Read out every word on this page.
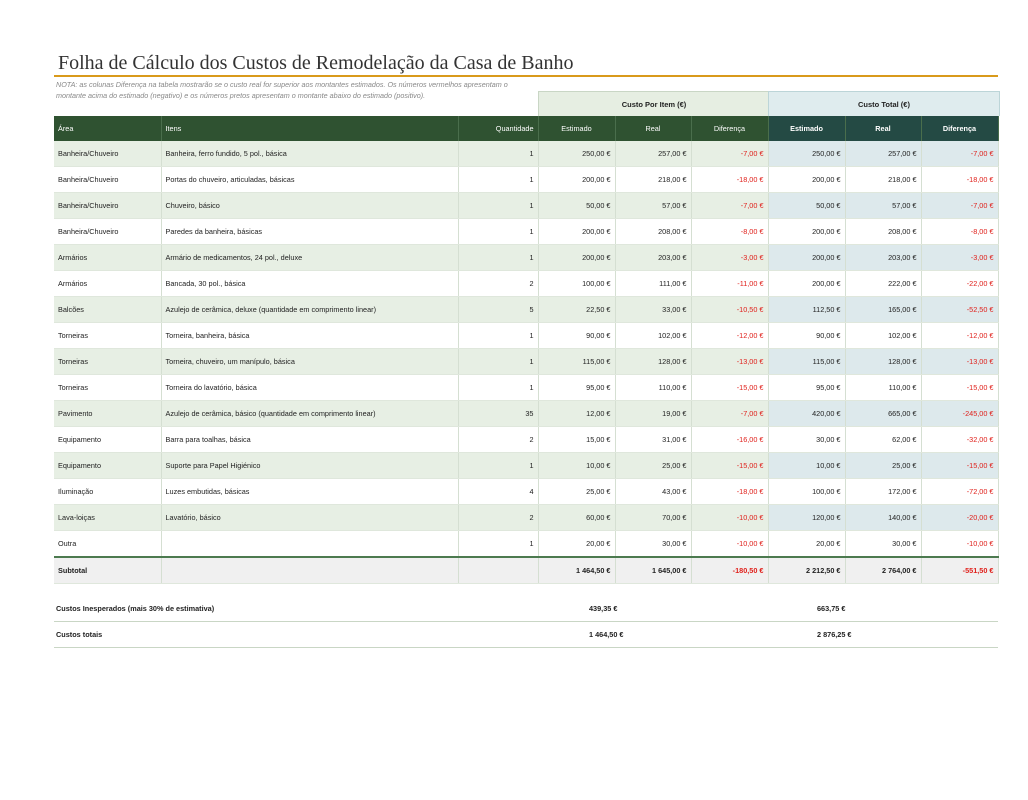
Folha de Cálculo dos Custos de Remodelação da Casa de Banho
NOTA: as colunas Diferença na tabela mostrarão se o custo real for superior aos montantes estimados. Os números vermelhos apresentam o montante acima do estimado (negativo) e os números pretos apresentam o montante abaixo do estimado (positivo).
Custo Por Item (€)	Custo Total (€)
Área	Itens	Quantidade	Estimado	Real	Diferença	Estimado	Real	Diferença
Banheira/Chuveiro	Banheira, ferro fundido, 5 pol., básica	1	250,00 €	257,00 €	-7,00 €	250,00 €	257,00 €	-7,00 €
Banheira/Chuveiro	Portas do chuveiro, articuladas, básicas	1	200,00 €	218,00 €	-18,00 €	200,00 €	218,00 €	-18,00 €
Banheira/Chuveiro	Chuveiro, básico	1	50,00 €	57,00 €	-7,00 €	50,00 €	57,00 €	-7,00 €
Banheira/Chuveiro	Paredes da banheira, básicas	1	200,00 €	208,00 €	-8,00 €	200,00 €	208,00 €	-8,00 €
Armários	Armário de medicamentos, 24 pol., deluxe	1	200,00 €	203,00 €	-3,00 €	200,00 €	203,00 €	-3,00 €
Armários	Bancada, 30 pol., básica	2	100,00 €	111,00 €	-11,00 €	200,00 €	222,00 €	-22,00 €
Balcões	Azulejo de cerâmica, deluxe (quantidade em comprimento linear)	5	22,50 €	33,00 €	-10,50 €	112,50 €	165,00 €	-52,50 €
Torneiras	Torneira, banheira, básica	1	90,00 €	102,00 €	-12,00 €	90,00 €	102,00 €	-12,00 €
Torneiras	Torneira, chuveiro, um manípulo, básica	1	115,00 €	128,00 €	-13,00 €	115,00 €	128,00 €	-13,00 €
Torneiras	Torneira do lavatório, básica	1	95,00 €	110,00 €	-15,00 €	95,00 €	110,00 €	-15,00 €
Pavimento	Azulejo de cerâmica, básico (quantidade em comprimento linear)	35	12,00 €	19,00 €	-7,00 €	420,00 €	665,00 €	-245,00 €
Equipamento	Barra para toalhas, básica	2	15,00 €	31,00 €	-16,00 €	30,00 €	62,00 €	-32,00 €
Equipamento	Suporte para Papel Higiénico	1	10,00 €	25,00 €	-15,00 €	10,00 €	25,00 €	-15,00 €
Iluminação	Luzes embutidas, básicas	4	25,00 €	43,00 €	-18,00 €	100,00 €	172,00 €	-72,00 €
Lava-loiças	Lavatório, básico	2	60,00 €	70,00 €	-10,00 €	120,00 €	140,00 €	-20,00 €
Outra		1	20,00 €	30,00 €	-10,00 €	20,00 €	30,00 €	-10,00 €
Subtotal			1 464,50 €	1 645,00 €	-180,50 €	2 212,50 €	2 764,00 €	-551,50 €
Custos Inesperados (mais 30% de estimativa)	439,35 €	663,75 €
Custos totais	1 464,50 €	2 876,25 €
